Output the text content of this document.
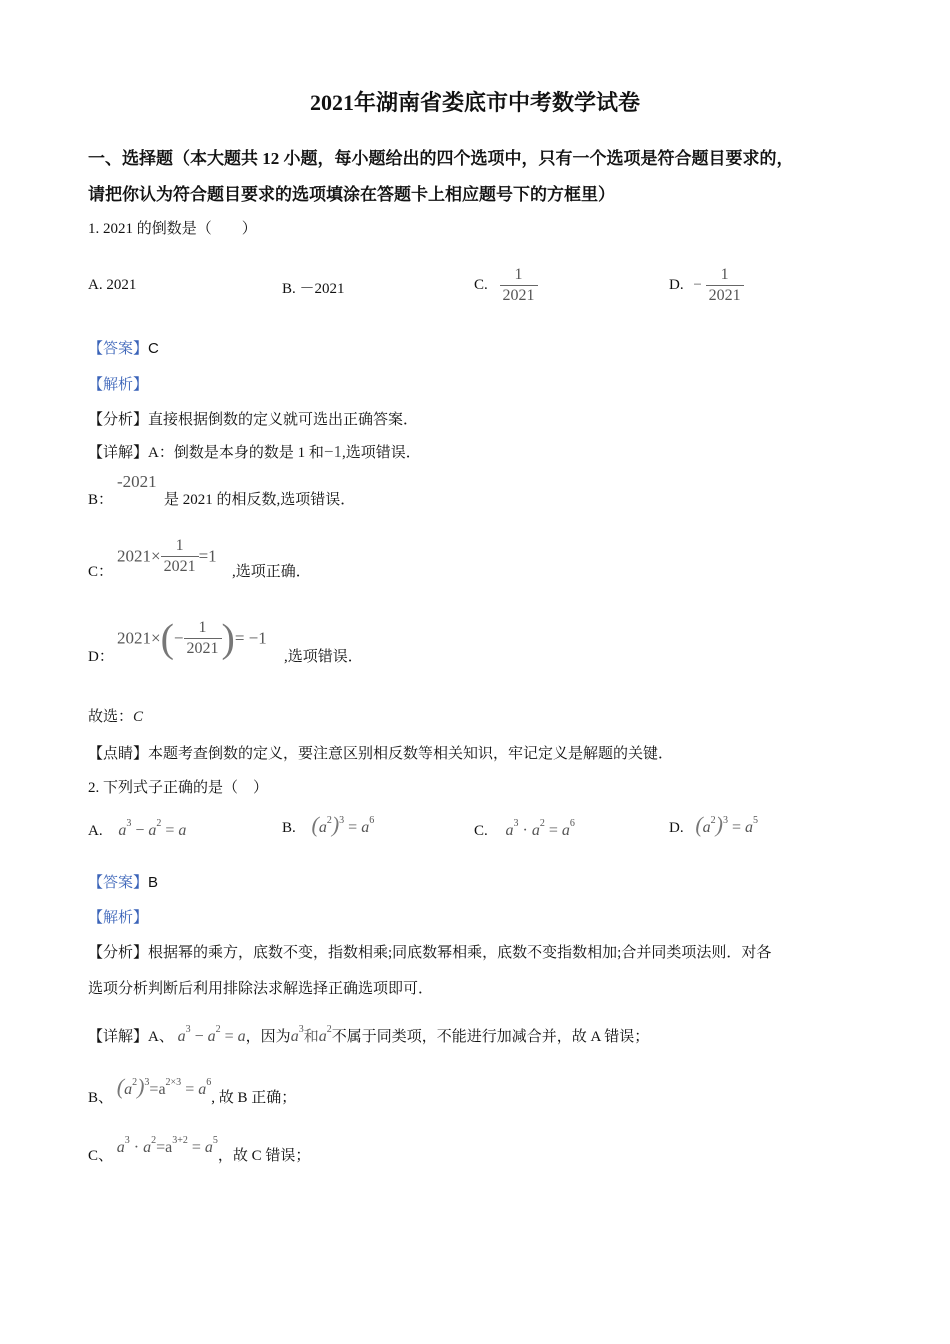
2021年湖南省娄底市中考数学试卷
一、选择题（本大题共 12 小题，每小题给出的四个选项中，只有一个选项是符合题目要求的，
请把你认为符合题目要求的选项填涂在答题卡上相应题号下的方框里）
1. 2021 的倒数是（　　）
A. 2021	B. －2021	C. $\frac{1}{2021}$	D. − $\frac{1}{2021}$
【答案】C
【解析】
【分析】直接根据倒数的定义就可选出正确答案．
【详解】A：倒数是本身的数是 1 和−1,选项错误．
B：
-2021
是 2021 的相反数,选项错误．
C：
$2021\times \frac{1}{2021} =1$
,选项正确．
D：
$2021\times(- \frac{1}{2021}$ )= −1
,选项错误．
故选：C
【点睛】本题考查倒数的定义，要注意区别相反数等相关知识，牢记定义是解题的关键．
2. 下列式子正确的是（　）
A. $a^3 - a^2 = a$	B. $(a^2)^3 = a^6$
C. $a^3 \cdot a^2 = a^6$	D. $(a^2)^3 = a^5$
【答案】B
【解析】
【分析】根据幂的乘方，底数不变，指数相乘;同底数幂相乘，底数不变指数相加;合并同类项法则．对各
选项分析判断后利用排除法求解选择正确选项即可．
【详解】A、 $a^3 - a^2 = a$，因为$a^3$和$a^2$不属于同类项，不能进行加减合并，故 A 错误；
B、 $(a^2)^3=a^{2\times 3} = a^6$, 故 B 正确；
C、 $a^3 \cdot a^2=a^{3+2} = a^5$，故 C 错误；
